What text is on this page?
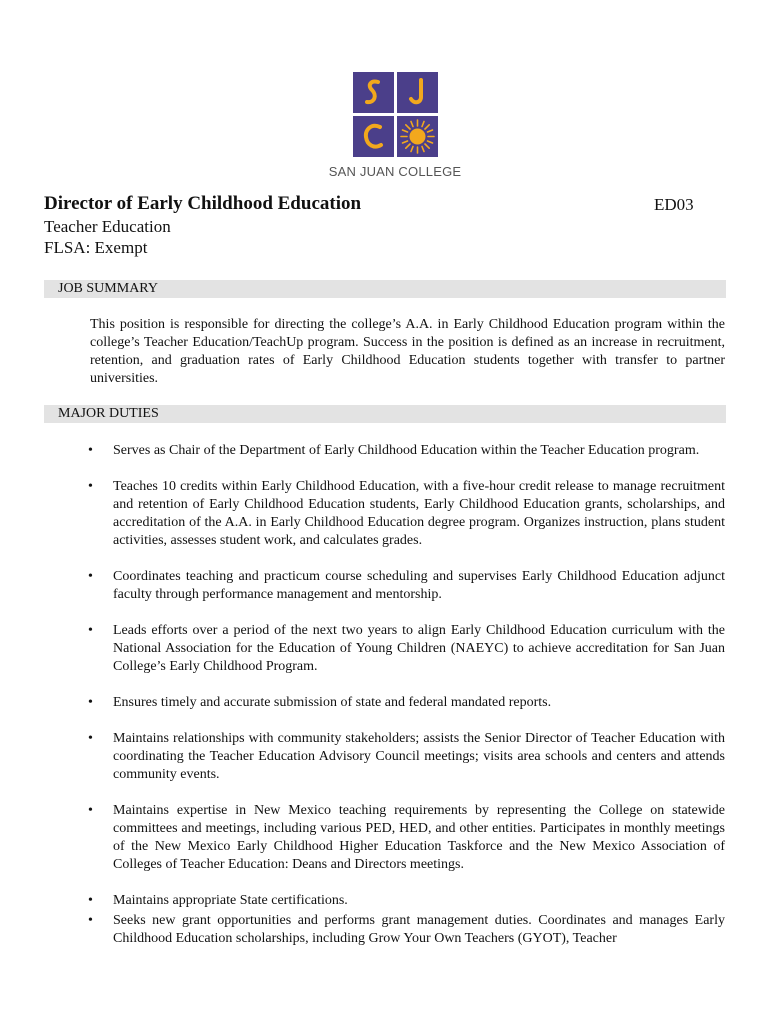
SAN JUAN COLLEGE
Director of Early Childhood Education	ED03
Teacher Education
FLSA: Exempt
JOB SUMMARY

This position is responsible for directing the college’s A.A. in Early Childhood Education program within the college’s Teacher Education/TeachUp program. Success in the position is defined as an increase in recruitment, retention, and graduation rates of Early Childhood Education students together with transfer to partner universities.

MAJOR DUTIES
• Serves as Chair of the Department of Early Childhood Education within the Teacher Education program.
• Teaches 10 credits within Early Childhood Education, with a five-hour credit release to manage recruitment and retention of Early Childhood Education students, Early Childhood Education grants, scholarships, and accreditation of the A.A. in Early Childhood Education degree program. Organizes instruction, plans student activities, assesses student work, and calculates grades.
• Coordinates teaching and practicum course scheduling and supervises Early Childhood Education adjunct faculty through performance management and mentorship.
• Leads efforts over a period of the next two years to align Early Childhood Education curriculum with the National Association for the Education of Young Children (NAEYC) to achieve accreditation for San Juan College’s Early Childhood Program.
• Ensures timely and accurate submission of state and federal mandated reports.
• Maintains relationships with community stakeholders; assists the Senior Director of Teacher Education with coordinating the Teacher Education Advisory Council meetings; visits area schools and centers and attends community events.
• Maintains expertise in New Mexico teaching requirements by representing the College on statewide committees and meetings, including various PED, HED, and other entities. Participates in monthly meetings of the New Mexico Early Childhood Higher Education Taskforce and the New Mexico Association of Colleges of Teacher Education: Deans and Directors meetings.
• Maintains appropriate State certifications.
• Seeks new grant opportunities and performs grant management duties. Coordinates and manages Early Childhood Education scholarships, including Grow Your Own Teachers (GYOT), Teacher
